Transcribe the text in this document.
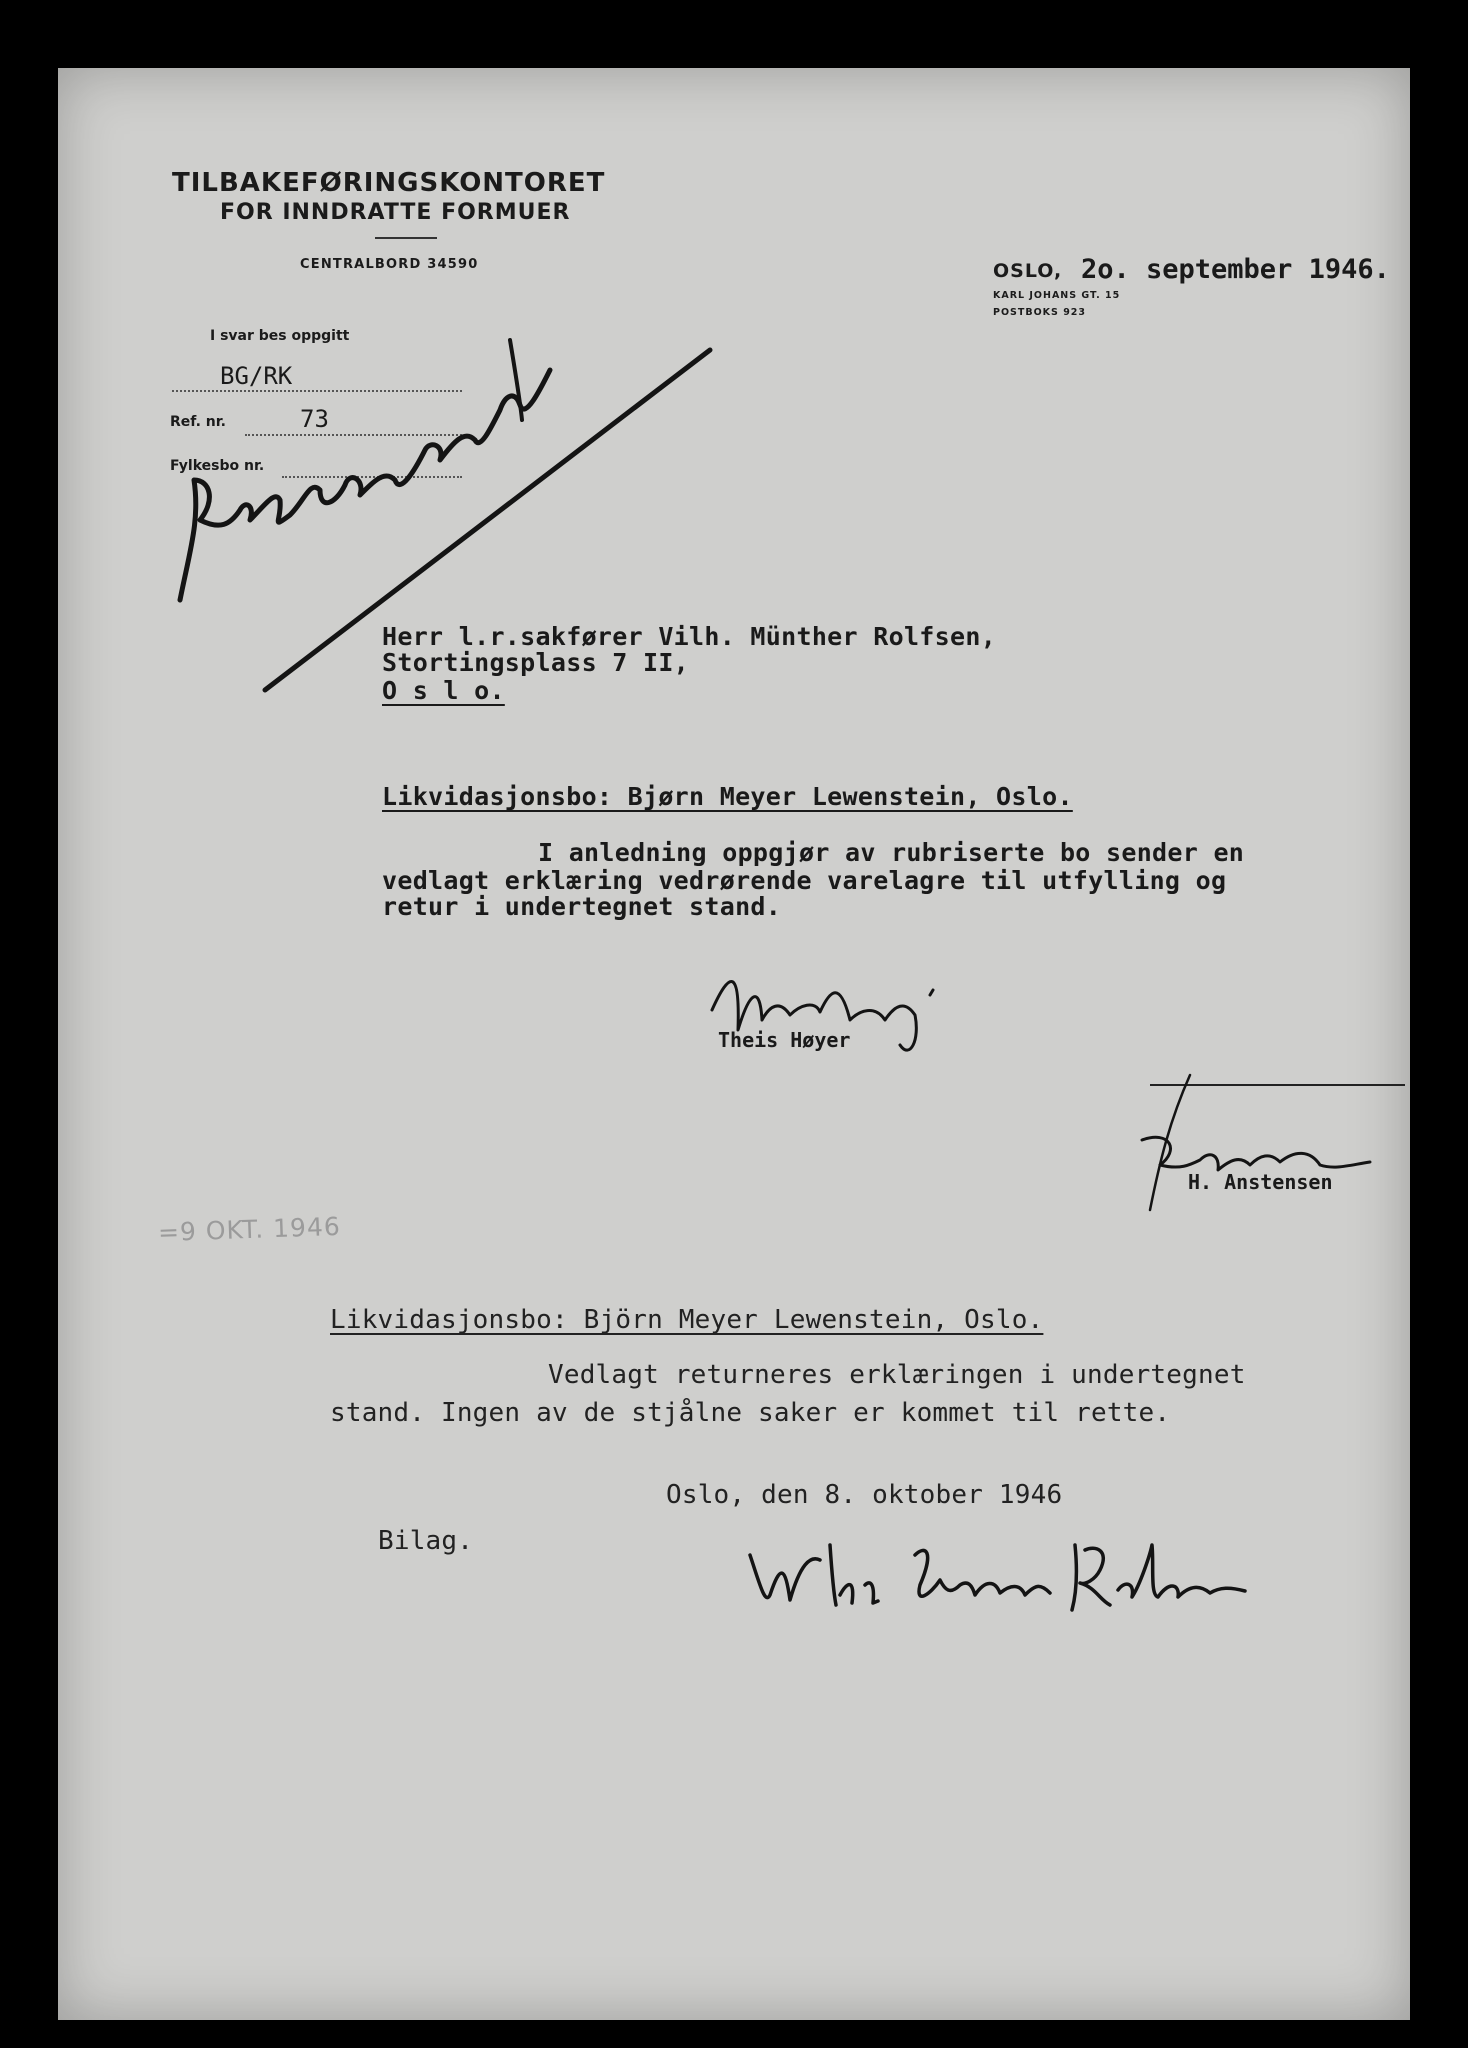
TILBAKEFØRINGSKONTORET
FOR INNDRATTE FORMUER
CENTRALBORD 34590	OSLO, 2o. september 1946.
KARL JOHANS GT. 15
POSTBOKS 923
I svar bes oppgitt
BG/RK
Ref. nr.	73
Fylkesbo nr.
Herr l.r.sakfører Vilh. Münther Rolfsen,
Stortingsplass 7 II,
O s l o.
Likvidasjonsbo: Bjørn Meyer Lewenstein, Oslo.
I anledning oppgjør av rubriserte bo sender en
vedlagt erklæring vedrørende varelagre til utfylling og
retur i undertegnet stand.
Theis Høyer
H. Anstensen
=9 OKT. 1946
Likvidasjonsbo: Björn Meyer Lewenstein, Oslo.
Vedlagt returneres erklæringen i undertegnet
stand. Ingen av de stjålne saker er kommet til rette.
Oslo, den 8. oktober 1946
Bilag.
